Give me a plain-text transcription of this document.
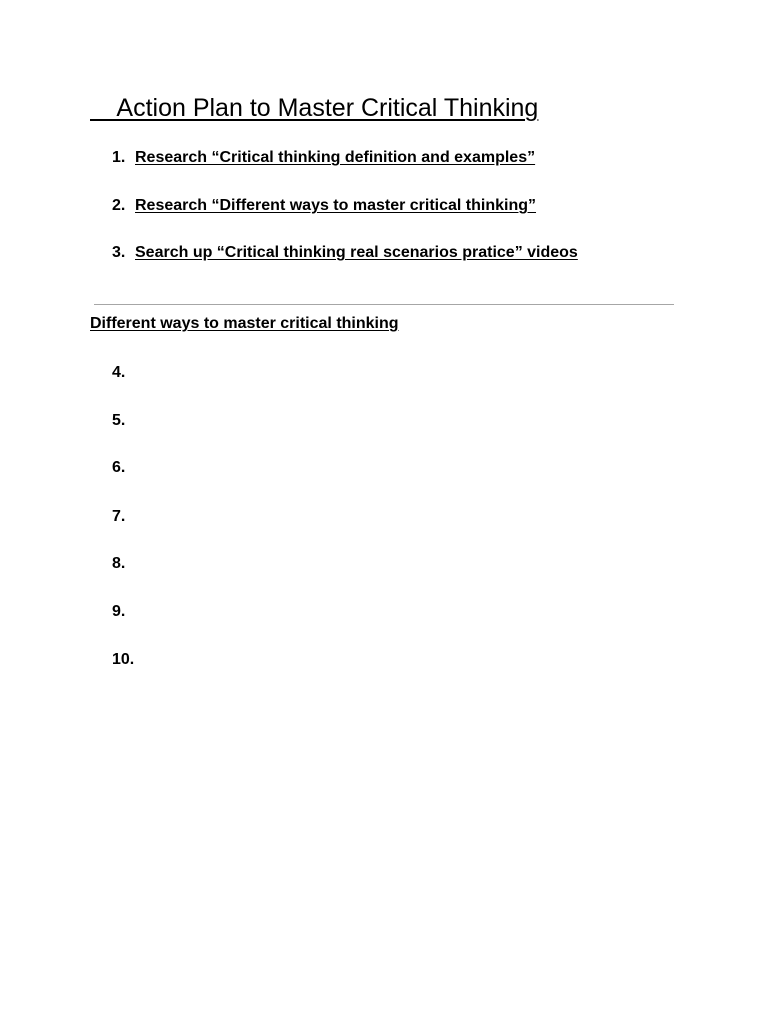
Action Plan to Master Critical Thinking
1. Research “Critical thinking definition and examples”
2. Research “Different ways to master critical thinking”
3. Search up “Critical thinking real scenarios pratice” videos
Different ways to master critical thinking
4.
5.
6.
7.
8.
9.
10.
